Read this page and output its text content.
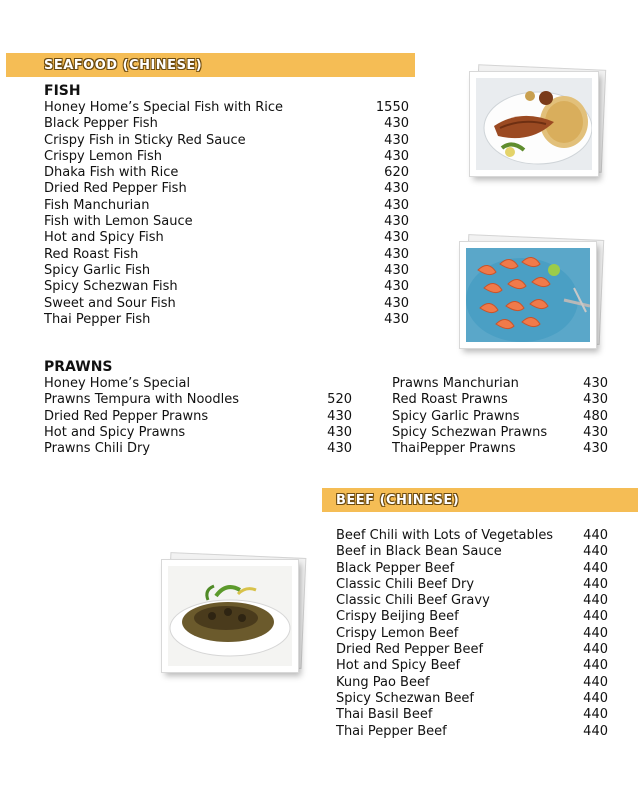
SEAFOOD (CHINESE)
FISH
Honey Home’s Special Fish with Rice	1550
Black Pepper Fish	430
Crispy Fish in Sticky Red Sauce	430
Crispy Lemon Fish	430
Dhaka Fish with Rice	620
Dried Red Pepper Fish	430
Fish Manchurian	430
Fish with Lemon Sauce	430
Hot and Spicy Fish	430
Red Roast Fish	430
Spicy Garlic Fish	430
Spicy Schezwan Fish	430
Sweet and Sour Fish	430
Thai Pepper Fish	430
PRAWNS
Honey Home’s Special
Prawns Tempura with Noodles	520
Dried Red Pepper Prawns	430
Hot and Spicy Prawns	430
Prawns Chili Dry	430
Prawns Manchurian	430
Red Roast Prawns	430
Spicy Garlic Prawns	480
Spicy Schezwan Prawns	430
ThaiPepper Prawns	430
BEEF (CHINESE)
Beef Chili with Lots of Vegetables 440
Beef in Black Bean Sauce	440
Black Pepper Beef	440
Classic Chili Beef Dry	440
Classic Chili Beef Gravy	440
Crispy Beijing Beef	440
Crispy Lemon Beef	440
Dried Red Pepper Beef	440
Hot and Spicy Beef	440
Kung Pao Beef	440
Spicy Schezwan Beef	440
Thai Basil Beef	440
Thai Pepper Beef	440
